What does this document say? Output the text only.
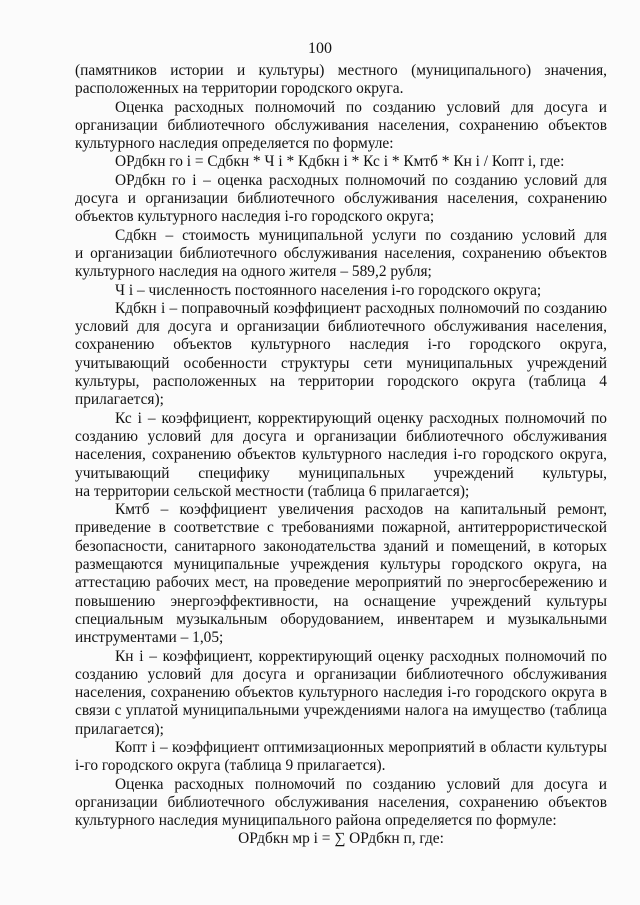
100
(памятников истории и культуры) местного (муниципального) значения,
расположенных на территории городского округа.
Оценка расходных полномочий по созданию условий для досуга и
организации библиотечного обслуживания населения, сохранению объектов
культурного наследия определяется по формуле:
ОРдбкн го i = Сдбкн * Ч i * Кдбкн i * Кс i * Кмтб * Кн i / Копт i, где:
ОРдбкн го i – оценка расходных полномочий по созданию условий для
досуга и организации библиотечного обслуживания населения, сохранению
объектов культурного наследия i-го городского округа;
Сдбкн – стоимость муниципальной услуги по созданию условий для
и организации библиотечного обслуживания населения, сохранению объектов
культурного наследия на одного жителя – 589,2 рубля;
Ч i – численность постоянного населения i-го городского округа;
Кдбкн i – поправочный коэффициент расходных полномочий по созданию
условий для досуга и организации библиотечного обслуживания населения,
сохранению объектов культурного наследия i-го городского округа,
учитывающий особенности структуры сети муниципальных учреждений
культуры, расположенных на территории городского округа (таблица 4
прилагается);
Кс i – коэффициент, корректирующий оценку расходных полномочий по
созданию условий для досуга и организации библиотечного обслуживания
населения, сохранению объектов культурного наследия i-го городского округа,
учитывающий специфику муниципальных учреждений культуры,
на территории сельской местности (таблица 6 прилагается);
Кмтб – коэффициент увеличения расходов на капитальный ремонт,
приведение в соответствие с требованиями пожарной, антитеррористической
безопасности, санитарного законодательства зданий и помещений, в которых
размещаются муниципальные учреждения культуры городского округа, на
аттестацию рабочих мест, на проведение мероприятий по энергосбережению и
повышению энергоэффективности, на оснащение учреждений культуры
специальным музыкальным оборудованием, инвентарем и музыкальными
инструментами – 1,05;
Кн i – коэффициент, корректирующий оценку расходных полномочий по
созданию условий для досуга и организации библиотечного обслуживания
населения, сохранению объектов культурного наследия i-го городского округа в
связи с уплатой муниципальными учреждениями налога на имущество (таблица
прилагается);
Копт i – коэффициент оптимизационных мероприятий в области культуры
i-го городского округа (таблица 9 прилагается).
Оценка расходных полномочий по созданию условий для досуга и
организации библиотечного обслуживания населения, сохранению объектов
культурного наследия муниципального района определяется по формуле:
ОРдбкн мр i = ∑ ОРдбкн п, где:
